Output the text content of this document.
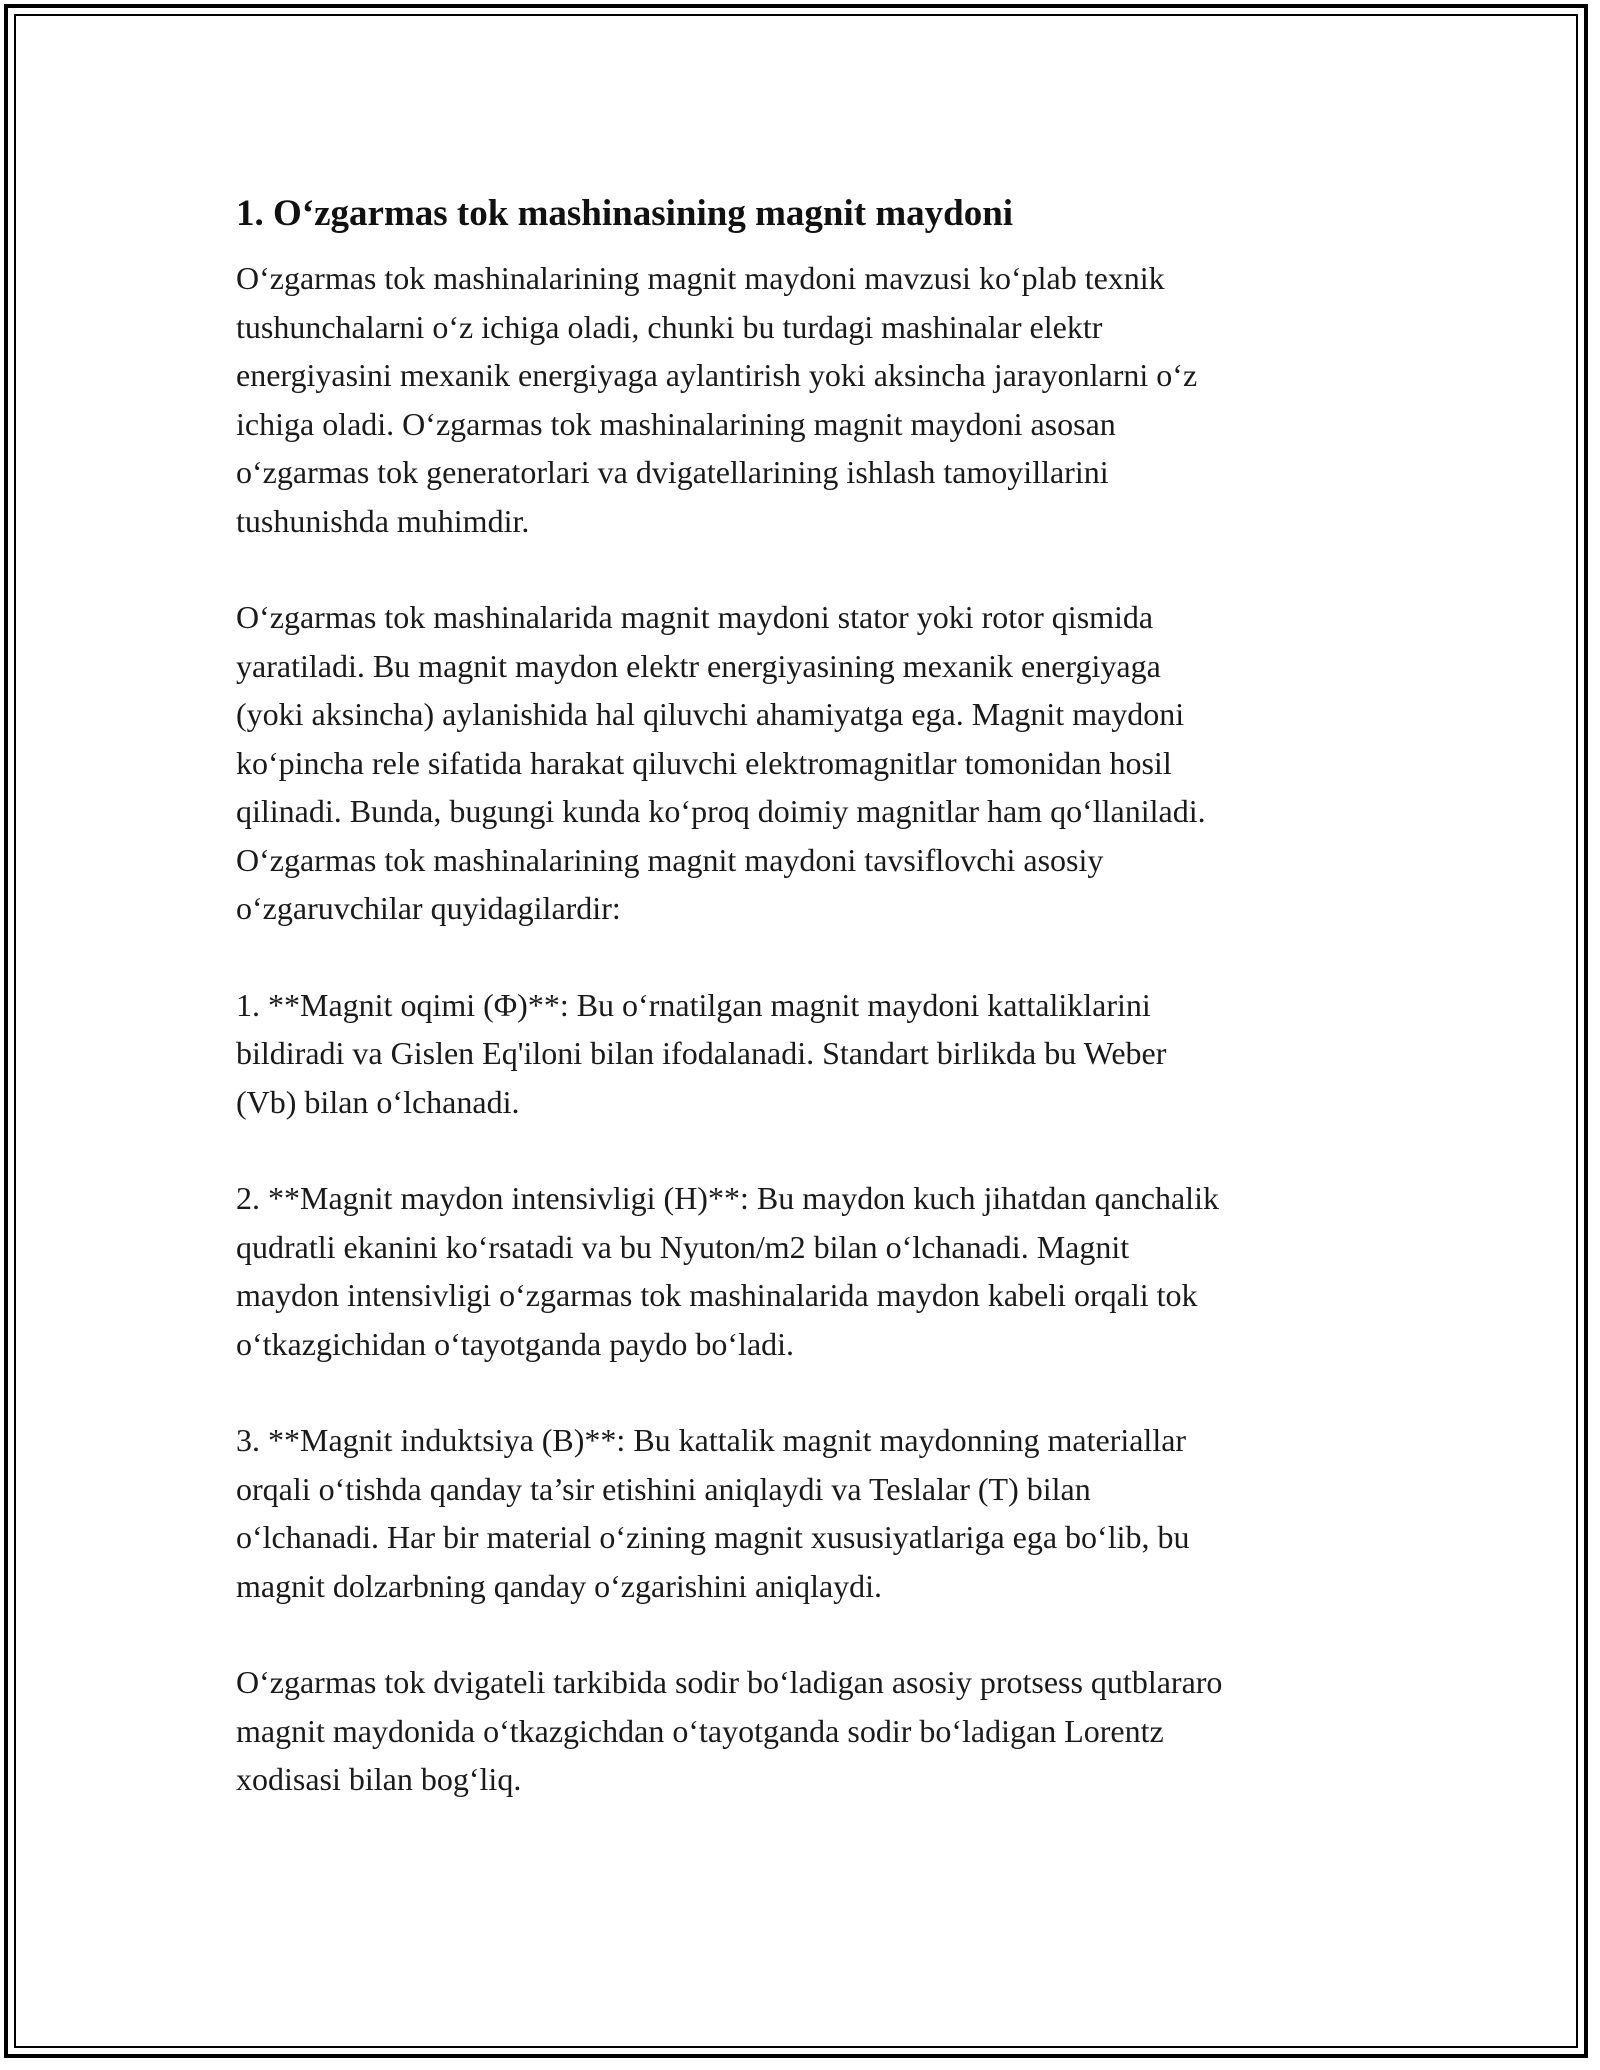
1. O‘zgarmas tok mashinasining magnit maydoni

O‘zgarmas tok mashinalarining magnit maydoni mavzusi ko‘plab texnik
tushunchalarni o‘z ichiga oladi, chunki bu turdagi mashinalar elektr
energiyasini mexanik energiyaga aylantirish yoki aksincha jarayonlarni o‘z
ichiga oladi. O‘zgarmas tok mashinalarining magnit maydoni asosan
o‘zgarmas tok generatorlari va dvigatellarining ishlash tamoyillarini
tushunishda muhimdir.

O‘zgarmas tok mashinalarida magnit maydoni stator yoki rotor qismida
yaratiladi. Bu magnit maydon elektr energiyasining mexanik energiyaga
(yoki aksincha) aylanishida hal qiluvchi ahamiyatga ega. Magnit maydoni
ko‘pincha rele sifatida harakat qiluvchi elektromagnitlar tomonidan hosil
qilinadi. Bunda, bugungi kunda ko‘proq doimiy magnitlar ham qo‘llaniladi.
O‘zgarmas tok mashinalarining magnit maydoni tavsiflovchi asosiy
o‘zgaruvchilar quyidagilardir:

1. **Magnit oqimi (Φ)**: Bu o‘rnatilgan magnit maydoni kattaliklarini
bildiradi va Gislen Eq'iloni bilan ifodalanadi. Standart birlikda bu Weber
(Vb) bilan o‘lchanadi.

2. **Magnit maydon intensivligi (H)**: Bu maydon kuch jihatdan qanchalik
qudratli ekanini ko‘rsatadi va bu Nyuton/m2 bilan o‘lchanadi. Magnit
maydon intensivligi o‘zgarmas tok mashinalarida maydon kabeli orqali tok
o‘tkazgichidan o‘tayotganda paydo bo‘ladi.

3. **Magnit induktsiya (B)**: Bu kattalik magnit maydonning materiallar
orqali o‘tishda qanday ta’sir etishini aniqlaydi va Teslalar (T) bilan
o‘lchanadi. Har bir material o‘zining magnit xususiyatlariga ega bo‘lib, bu
magnit dolzarbning qanday o‘zgarishini aniqlaydi.

O‘zgarmas tok dvigateli tarkibida sodir bo‘ladigan asosiy protsess qutblararo
magnit maydonida o‘tkazgichdan o‘tayotganda sodir bo‘ladigan Lorentz
xodisasi bilan bog‘liq.
